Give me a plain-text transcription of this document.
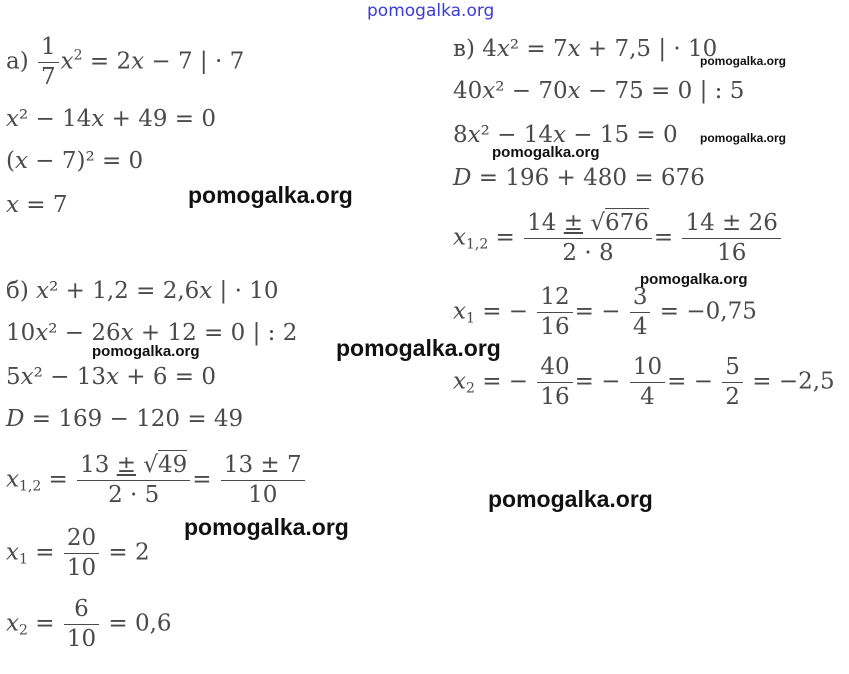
pomogalka.org
$а) \frac{1}{7} x^2$ = 2𝑥 − 7 | · 7
𝑥² − 14𝑥 + 49 = 0
(𝑥 − 7)² = 0
𝑥 = 7
б) 𝑥² + 1,2 = 2,6𝑥 | · 10
10𝑥² − 26𝑥 + 12 = 0 | : 2
5𝑥² − 13𝑥 + 6 = 0
𝐷 = 169 − 120 = 49
$x_{1,2} = \frac{13 \pm √49}{2 \cdot 5} = \frac{13 \pm 7}{10}$
$x_1 = \frac{20}{10} = 2$
$x_2 = \frac{6}{10} = 0,6$
в) 4𝑥² = 7𝑥 + 7,5 | · 10
40𝑥² − 70𝑥 − 75 = 0 | : 5
8𝑥² − 14𝑥 − 15 = 0
𝐷 = 196 + 480 = 676
$x_{1,2} = \frac{14 \pm √676}{2 \cdot 8} = \frac{14 \pm 26}{16}$
$x_1$ = − $\frac{12}{16}$ = − $\frac{3}{4} = -0,75$
$x_2$ = − $\frac{40}{16}$ = − $\frac{10}{4}$ = − $\frac{5}{2} = -2,5$
pomogalka.org
pomogalka.org
pomogalka.org
pomogalka.org
pomogalka.org
pomogalka.org
pomogalka.org
pomogalka.org
pomogalka.org
